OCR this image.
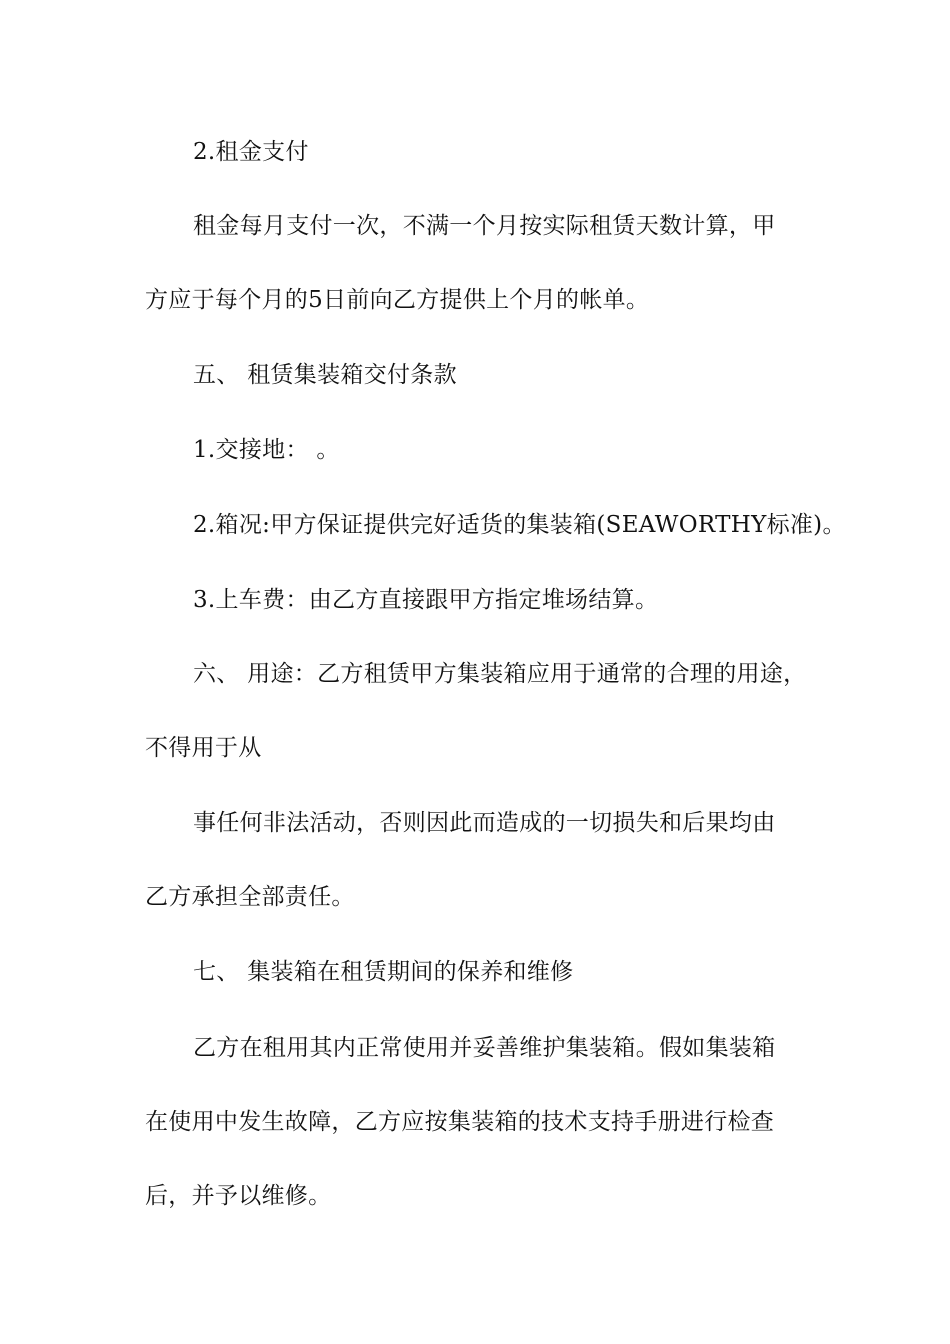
2.租金支付
租金每月支付一次，不满一个月按实际租赁天数计算，甲
方应于每个月的5日前向乙方提供上个月的帐单。
五、 租赁集装箱交付条款
1.交接地： 。
2.箱况:甲方保证提供完好适货的集装箱(SEAWORTHY标准)。
3.上车费：由乙方直接跟甲方指定堆场结算。
六、 用途：乙方租赁甲方集装箱应用于通常的合理的用途，
不得用于从
事任何非法活动，否则因此而造成的一切损失和后果均由
乙方承担全部责任。
七、 集装箱在租赁期间的保养和维修
乙方在租用其内正常使用并妥善维护集装箱。假如集装箱
在使用中发生故障，乙方应按集装箱的技术支持手册进行检查
后，并予以维修。
